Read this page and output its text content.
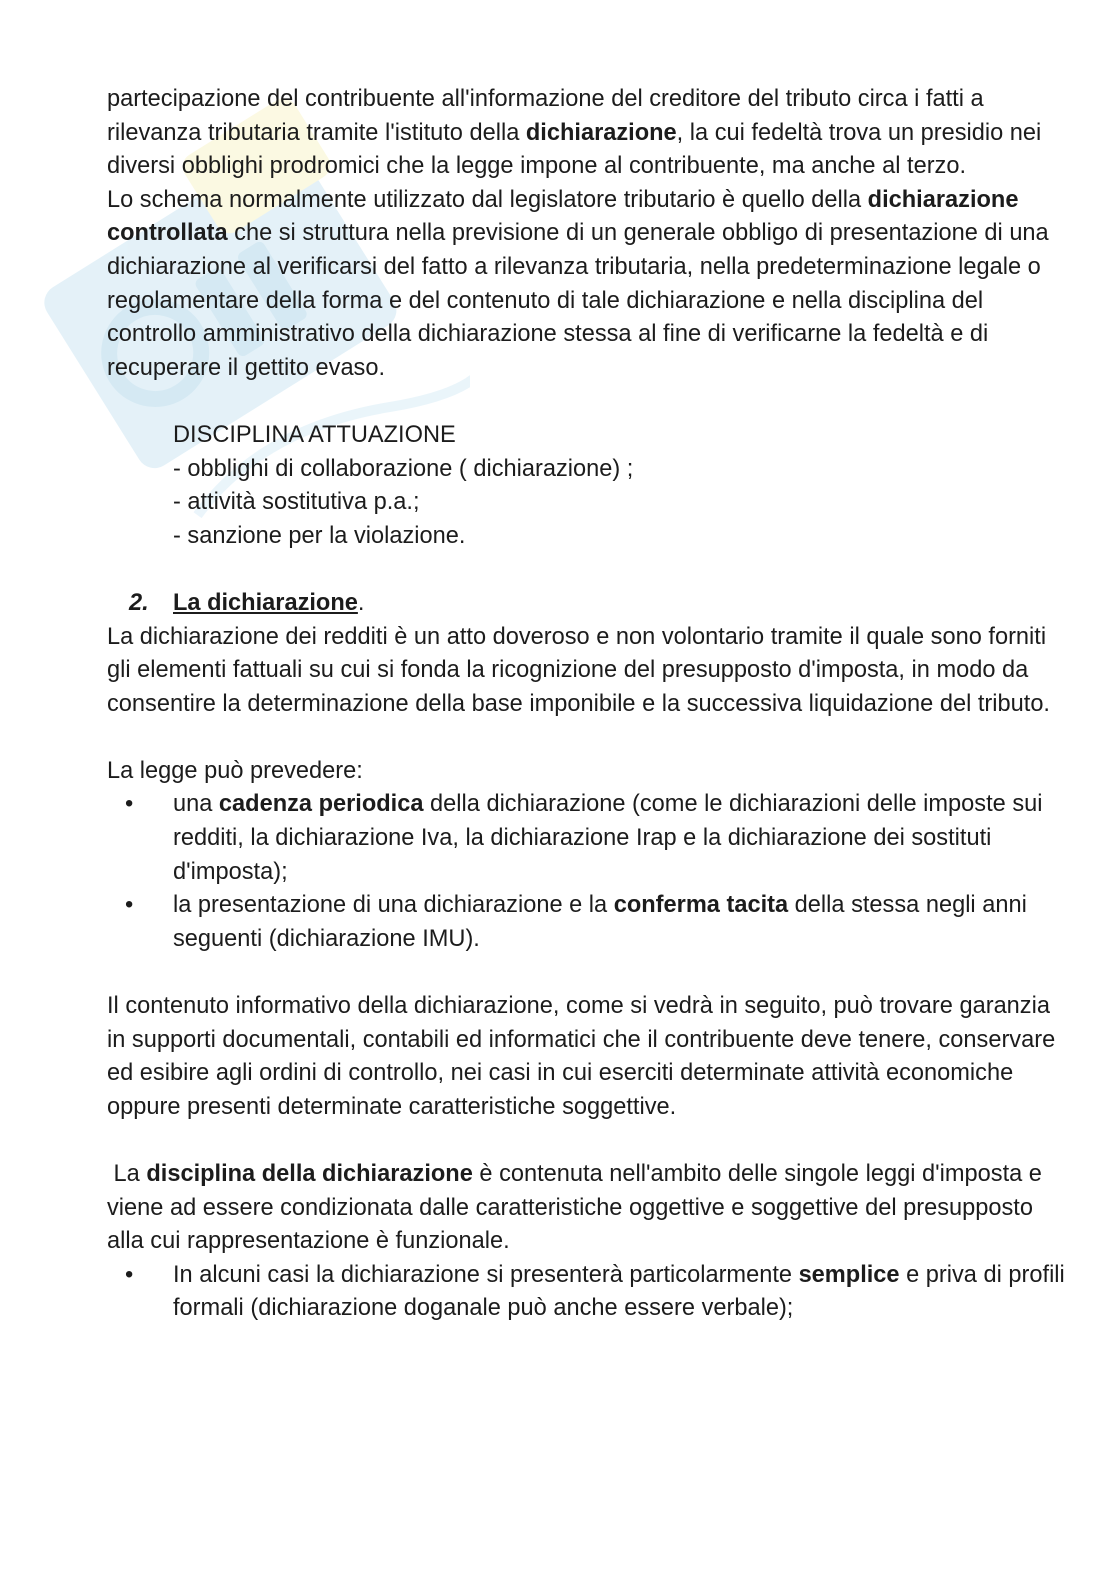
partecipazione del contribuente all'informazione del creditore del tributo circa i fatti a rilevanza tributaria tramite l'istituto della dichiarazione, la cui fedeltà trova un presidio nei diversi obblighi prodromici che la legge impone al contribuente, ma anche al terzo.

Lo schema normalmente utilizzato dal legislatore tributario è quello della dichiarazione controllata che si struttura nella previsione di un generale obbligo di presentazione di una dichiarazione al verificarsi del fatto a rilevanza tributaria, nella predeterminazione legale o regolamentare della forma e del contenuto di tale dichiarazione e nella disciplina del controllo amministrativo della dichiarazione stessa al fine di verificarne la fedeltà e di recuperare il gettito evaso.

DISCIPLINA ATTUAZIONE

- obblighi di collaborazione ( dichiarazione) ;

- attività sostitutiva p.a.;

- sanzione per la violazione.

2. La dichiarazione.

La dichiarazione dei redditi è un atto doveroso e non volontario tramite il quale sono forniti gli elementi fattuali su cui si fonda la ricognizione del presupposto d'imposta, in modo da consentire la determinazione della base imponibile e la successiva liquidazione del tributo.

La legge può prevedere:

• una cadenza periodica della dichiarazione (come le dichiarazioni delle imposte sui redditi, la dichiarazione Iva, la dichiarazione Irap e la dichiarazione dei sostituti d'imposta);
• la presentazione di una dichiarazione e la conferma tacita della stessa negli anni seguenti (dichiarazione IMU).

Il contenuto informativo della dichiarazione, come si vedrà in seguito, può trovare garanzia in supporti documentali, contabili ed informatici che il contribuente deve tenere, conservare ed esibire agli ordini di controllo, nei casi in cui eserciti determinate attività economiche oppure presenti determinate caratteristiche soggettive.

La disciplina della dichiarazione è contenuta nell'ambito delle singole leggi d'imposta e viene ad essere condizionata dalle caratteristiche oggettive e soggettive del presupposto alla cui rappresentazione è funzionale.

• In alcuni casi la dichiarazione si presenterà particolarmente semplice e priva di profili formali (dichiarazione doganale può anche essere verbale);
